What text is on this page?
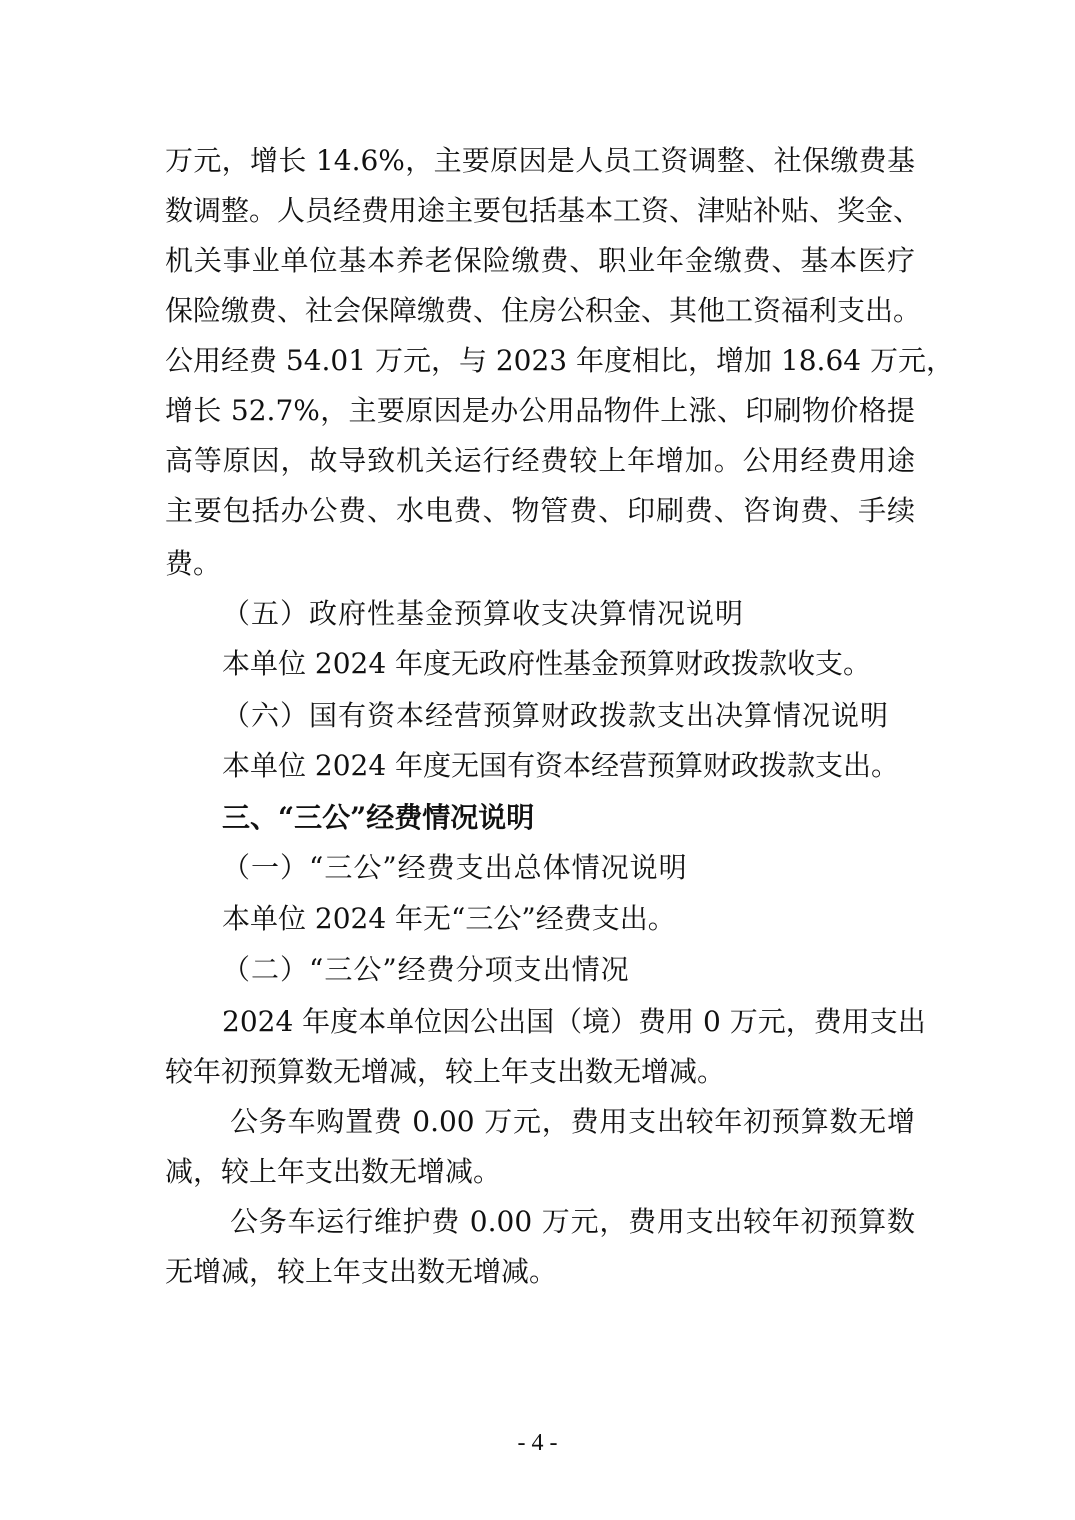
万元，增长 14.6%，主要原因是人员工资调整、社保缴费基
数调整。人员经费用途主要包括基本工资、津贴补贴、奖金、
机关事业单位基本养老保险缴费、职业年金缴费、基本医疗
保险缴费、社会保障缴费、住房公积金、其他工资福利支出。
公用经费 54.01 万元，与 2023 年度相比，增加 18.64 万元，
增长 52.7%，主要原因是办公用品物件上涨、印刷物价格提
高等原因，故导致机关运行经费较上年增加。公用经费用途
主要包括办公费、水电费、物管费、印刷费、咨询费、手续
费。
（五）政府性基金预算收支决算情况说明
本单位 2024 年度无政府性基金预算财政拨款收支。
（六）国有资本经营预算财政拨款支出决算情况说明
本单位 2024 年度无国有资本经营预算财政拨款支出。
三、“三公”经费情况说明
（一）“三公”经费支出总体情况说明
本单位 2024 年无“三公”经费支出。
（二）“三公”经费分项支出情况
2024 年度本单位因公出国（境）费用 0 万元，费用支出
较年初预算数无增减，较上年支出数无增减。
公务车购置费 0.00 万元，费用支出较年初预算数无增
减，较上年支出数无增减。
公务车运行维护费 0.00 万元，费用支出较年初预算数
无增减，较上年支出数无增减。
- 4 -
